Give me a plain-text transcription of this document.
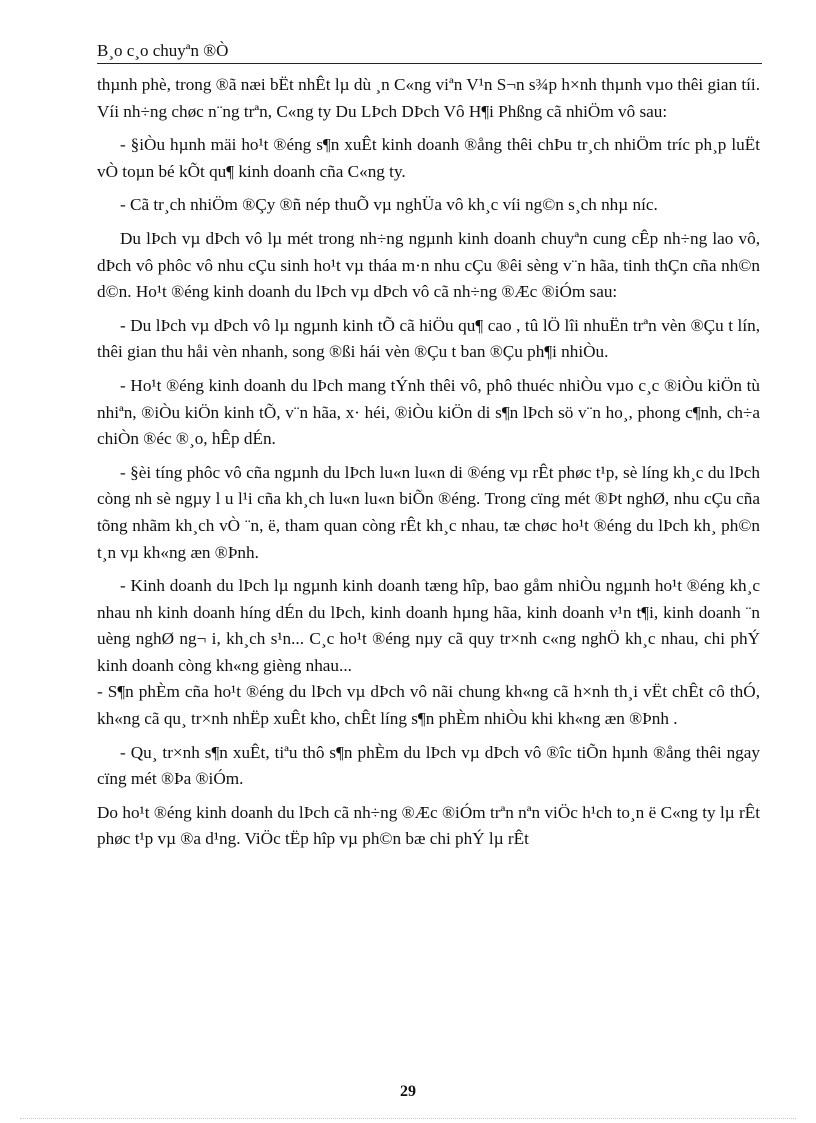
B¸o c¸o chuyªn ®Ò

thµnh phè, trong ®ã næi bËt nhÊt lµ dù ¸n C«ng viªn V¹n S¬n s¾p h×nh thµnh vµo thêi gian tíi. Víi nh÷ng chøc n¨ng trªn, C«ng ty Du LÞch DÞch Vô H¶i Phßng cã nhiÖm vô sau:

- §iÒu hµnh mäi ho¹t ®éng s¶n xuÊt kinh doanh ®ång thêi chÞu tr¸ch nhiÖm tríc ph¸p luËt vÒ toµn bé kÕt qu¶ kinh doanh cña C«ng ty.

- Cã tr¸ch nhiÖm ®Çy ®ñ nép thuÕ vµ nghÜa vô kh¸c víi ng©n s¸ch nhµ níc.

Du lÞch vµ dÞch vô lµ mét trong nh÷ng ngµnh kinh doanh chuyªn cung cÊp nh÷ng lao vô, dÞch vô phôc vô nhu cÇu sinh ho¹t vµ tháa m·n nhu cÇu ®êi sèng v¨n hãa, tinh thÇn cña nh©n d©n. Ho¹t ®éng kinh doanh du lÞch vµ dÞch vô cã nh÷ng ®Æc ®iÓm sau:

- Du lÞch vµ dÞch vô lµ ngµnh kinh tÕ cã hiÖu qu¶ cao , tû lÖ lîi nhuËn trªn vèn ®Çu t lín, thêi gian thu håi vèn nhanh, song ®ßi hái vèn ®Çu t ban ®Çu ph¶i nhiÒu.

- Ho¹t ®éng kinh doanh du lÞch mang tÝnh thêi vô, phô thuéc nhiÒu vµo c¸c ®iÒu kiÖn tù nhiªn, ®iÒu kiÖn kinh tÕ, v¨n hãa, x· héi, ®iÒu kiÖn di s¶n lÞch sö v¨n ho¸, phong c¶nh, ch÷a chiÒn ®éc ®¸o, hÊp dÉn.

- §èi tíng phôc vô cña ngµnh du lÞch lu«n lu«n di ®éng vµ rÊt phøc t¹p, sè líng kh¸c du lÞch còng nh sè ngµy l u l¹i cña kh¸ch lu«n lu«n biÕn ®éng. Trong cïng mét ®Þt nghØ, nhu cÇu cña tõng nhãm kh¸ch vÒ ¨n, ë, tham quan còng rÊt kh¸c nhau, tæ chøc ho¹t ®éng du lÞch kh¸ ph©n t¸n vµ kh«ng æn ®Þnh.

- Kinh doanh du lÞch lµ ngµnh kinh doanh tæng hîp, bao gåm nhiÒu ngµnh ho¹t ®éng kh¸c nhau nh kinh doanh híng dÉn du lÞch, kinh doanh hµng hãa, kinh doanh v¹n t¶i, kinh doanh ¨n uèng nghØ ng¬ i, kh¸ch s¹n... C¸c ho¹t ®éng nµy cã quy tr×nh c«ng nghÖ kh¸c nhau, chi phÝ kinh doanh còng kh«ng gièng nhau...

- S¶n phÈm cña ho¹t ®éng du lÞch vµ dÞch vô nãi chung kh«ng cã h×nh th¸i vËt chÊt cô thÓ, kh«ng cã qu¸ tr×nh nhËp xuÊt kho, chÊt líng s¶n phÈm nhiÒu khi kh«ng æn ®Þnh .

- Qu¸ tr×nh s¶n xuÊt, tiªu thô s¶n phÈm du lÞch vµ dÞch vô ®îc tiÕn hµnh ®ång thêi ngay cïng mét ®Þa ®iÓm.

Do ho¹t ®éng kinh doanh du lÞch cã nh÷ng ®Æc ®iÓm trªn nªn viÖc h¹ch to¸n ë C«ng ty lµ rÊt phøc t¹p vµ ®a d¹ng. ViÖc tËp hîp vµ ph©n bæ chi phÝ lµ rÊt

29
